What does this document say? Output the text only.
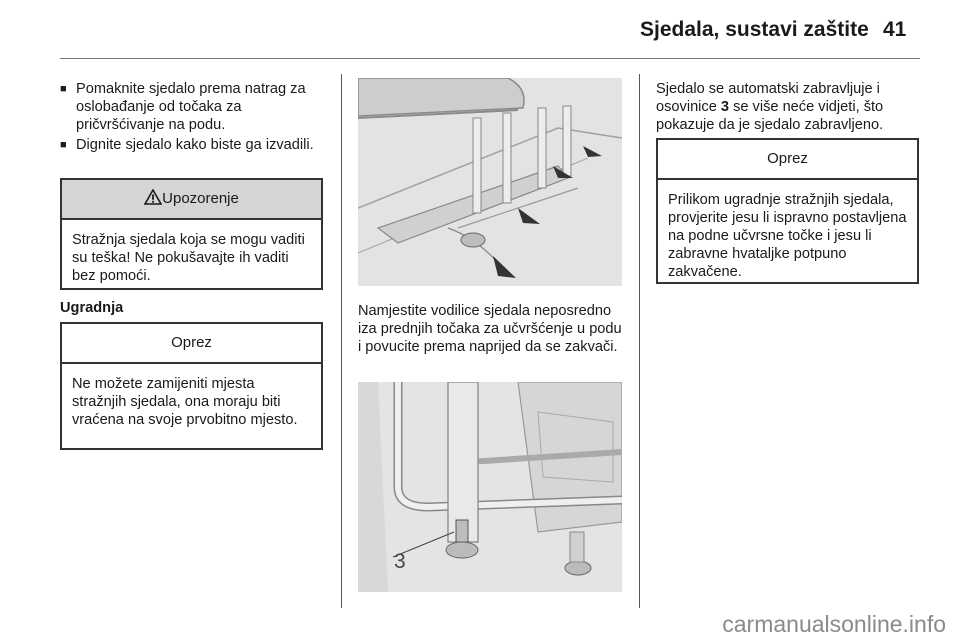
Sjedala, sustavi zaštite 41
■ Pomaknite sjedalo prema natrag za oslobađanje od točaka za pričvršćivanje na podu.
■ Dignite sjedalo kako biste ga izvadili.
Upozorenje
Stražnja sjedala koja se mogu vaditi su teška! Ne pokušavajte ih vaditi bez pomoći.
Ugradnja
Oprez
Ne možete zamijeniti mjesta stražnjih sjedala, ona moraju biti vraćena na svoje prvobitno mjesto.
Namjestite vodilice sjedala neposredno iza prednjih točaka za učvršćenje u podu i povucite prema naprijed da se zakvači.
3
Sjedalo se automatski zabravljuje i osovinice 3 se više neće vidjeti, što pokazuje da je sjedalo zabravljeno.
Oprez
Prilikom ugradnje stražnjih sjedala, provjerite jesu li ispravno postavljena na podne učvrsne točke i jesu li zabravne hvataljke potpuno zakvačene.
carmanualsonline.info
